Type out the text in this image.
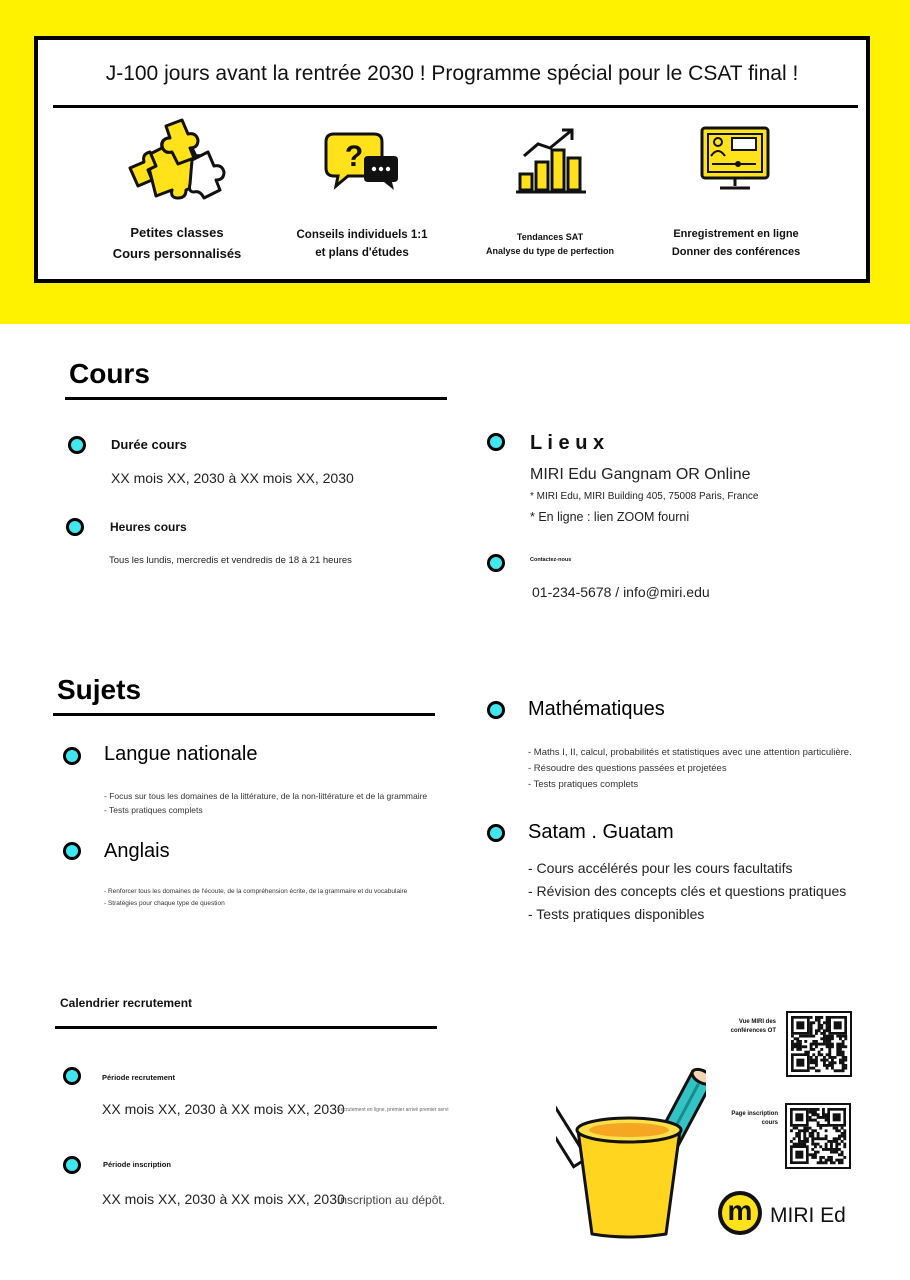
J-100 jours avant la rentrée 2030 ! Programme spécial pour le CSAT final !
?
Petites classes
Cours personnalisés
Conseils individuels 1:1
et plans d'études
Tendances SAT
Analyse du type de perfection
Enregistrement en ligne
Donner des conférences
Cours
Durée cours
XX mois XX, 2030 à XX mois XX, 2030
Heures cours
Tous les lundis, mercredis et vendredis de 18 à 21 heures
L i e u x
MIRI Edu Gangnam OR Online
* MIRI Edu, MIRI Building 405, 75008 Paris, France
* En ligne : lien ZOOM fourni
Contactez-nous
01-234-5678 / info@miri.edu
Sujets
Langue nationale
- Focus sur tous les domaines de la littérature, de la non-littérature et de la grammaire
- Tests pratiques complets
Anglais
- Renforcer tous les domaines de l'écoute, de la compréhension écrite, de la grammaire et du vocabulaire
- Stratégies pour chaque type de question
Mathématiques
- Maths I, II, calcul, probabilités et statistiques avec une attention particulière.
- Résoudre des questions passées et projetées
- Tests pratiques complets
Satam . Guatam
- Cours accélérés pour les cours facultatifs
- Révision des concepts clés et questions pratiques
- Tests pratiques disponibles
Calendrier recrutement
Période recrutement
XX mois XX, 2030 à XX mois XX, 2030
Recrutement en ligne, premier arrivé premier servi
Période inscription
XX mois XX, 2030 à XX mois XX, 2030
Inscription au dépôt.
Vue MIRI des
conférences OT
Page inscription
cours
m MIRI Ed
